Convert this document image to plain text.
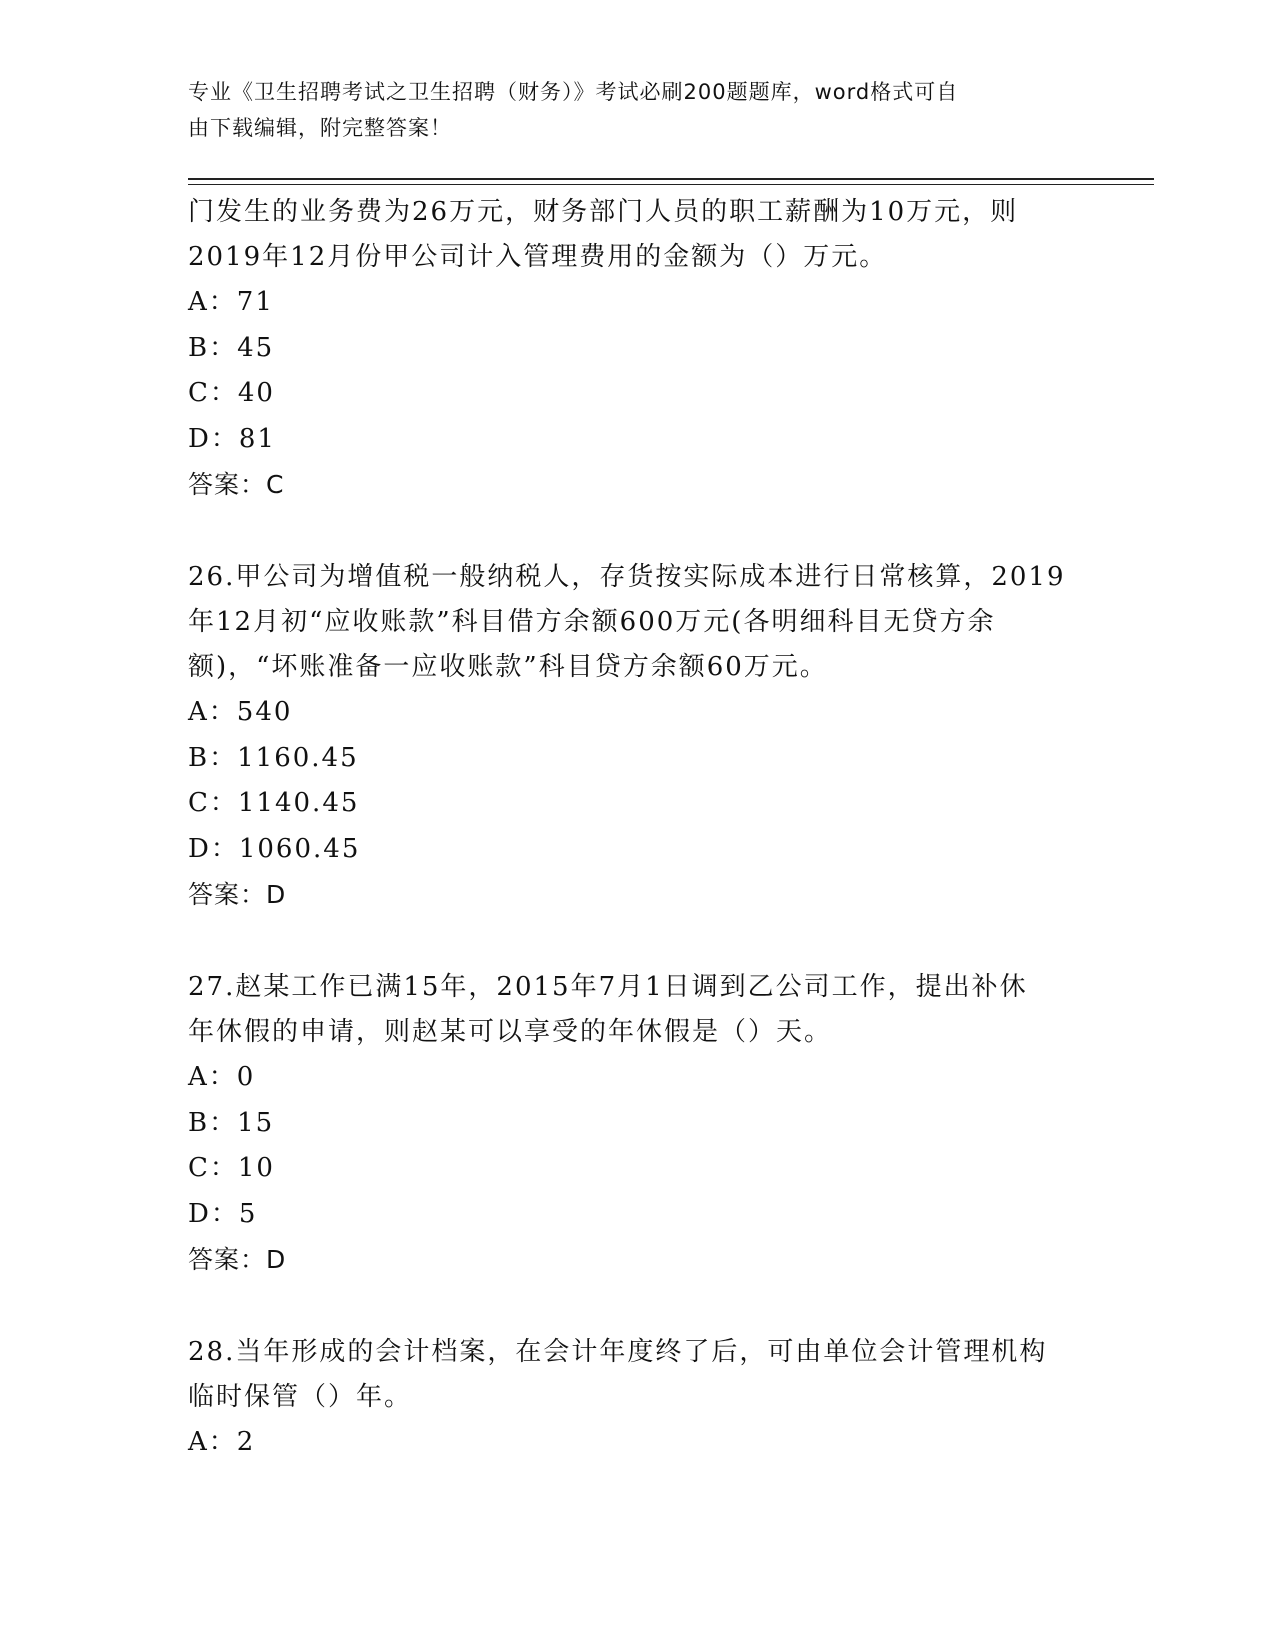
专业《卫生招聘考试之卫生招聘（财务）》考试必刷200题题库，word格式可自
由下载编辑，附完整答案！

门发生的业务费为26万元，财务部门人员的职工薪酬为10万元，则

2019年12月份甲公司计入管理费用的金额为（）万元。

A：71

B：45

C：40

D：81

答案：C

26.甲公司为增值税一般纳税人，存货按实际成本进行日常核算，2019

年12月初“应收账款”科目借方余额600万元(各明细科目无贷方余

额)，“坏账准备一应收账款”科目贷方余额60万元。

A：540

B：1160.45

C：1140.45

D：1060.45

答案：D

27.赵某工作已满15年，2015年7月1日调到乙公司工作，提出补休

年休假的申请，则赵某可以享受的年休假是（）天。

A：0

B：15

C：10

D：5

答案：D

28.当年形成的会计档案，在会计年度终了后，可由单位会计管理机构

临时保管（）年。

A：2
